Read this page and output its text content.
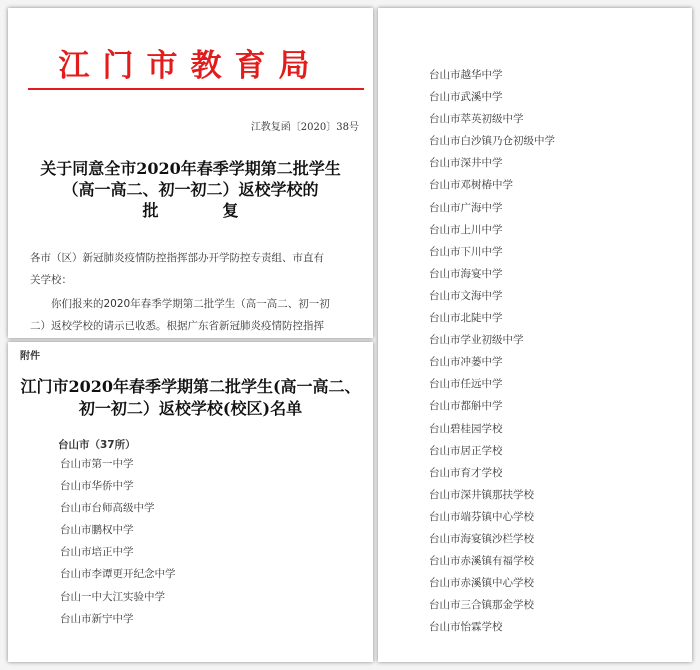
江门市教育局
江教复函〔2020〕38号
关于同意全市2020年春季学期第二批学生
（高一高二、初一初二）返校学校的
批　复
各市（区）新冠肺炎疫情防控指挥部办开学防控专责组、市直有
关学校：
你们报来的2020年春季学期第二批学生（高一高二、初一初
二）返校学校的请示已收悉。根据广东省新冠肺炎疫情防控指挥
附件
江门市2020年春季学期第二批学生(高一高二、
初一初二）返校学校(校区)名单
台山市（37所）
台山市第一中学
台山市华侨中学
台山市台师高级中学
台山市鹏权中学
台山市培正中学
台山市李谭更开纪念中学
台山一中大江实验中学
台山市新宁中学
台山市越华中学
台山市武溪中学
台山市萃英初级中学
台山市白沙镇乃仓初级中学
台山市深井中学
台山市邓树椿中学
台山市广海中学
台山市上川中学
台山市下川中学
台山市海宴中学
台山市文海中学
台山市北陡中学
台山市学业初级中学
台山市冲蒌中学
台山市任远中学
台山市都斛中学
台山碧桂园学校
台山市居正学校
台山市育才学校
台山市深井镇那扶学校
台山市端芬镇中心学校
台山市海宴镇沙栏学校
台山市赤溪镇有福学校
台山市赤溪镇中心学校
台山市三合镇那金学校
台山市怡霖学校
